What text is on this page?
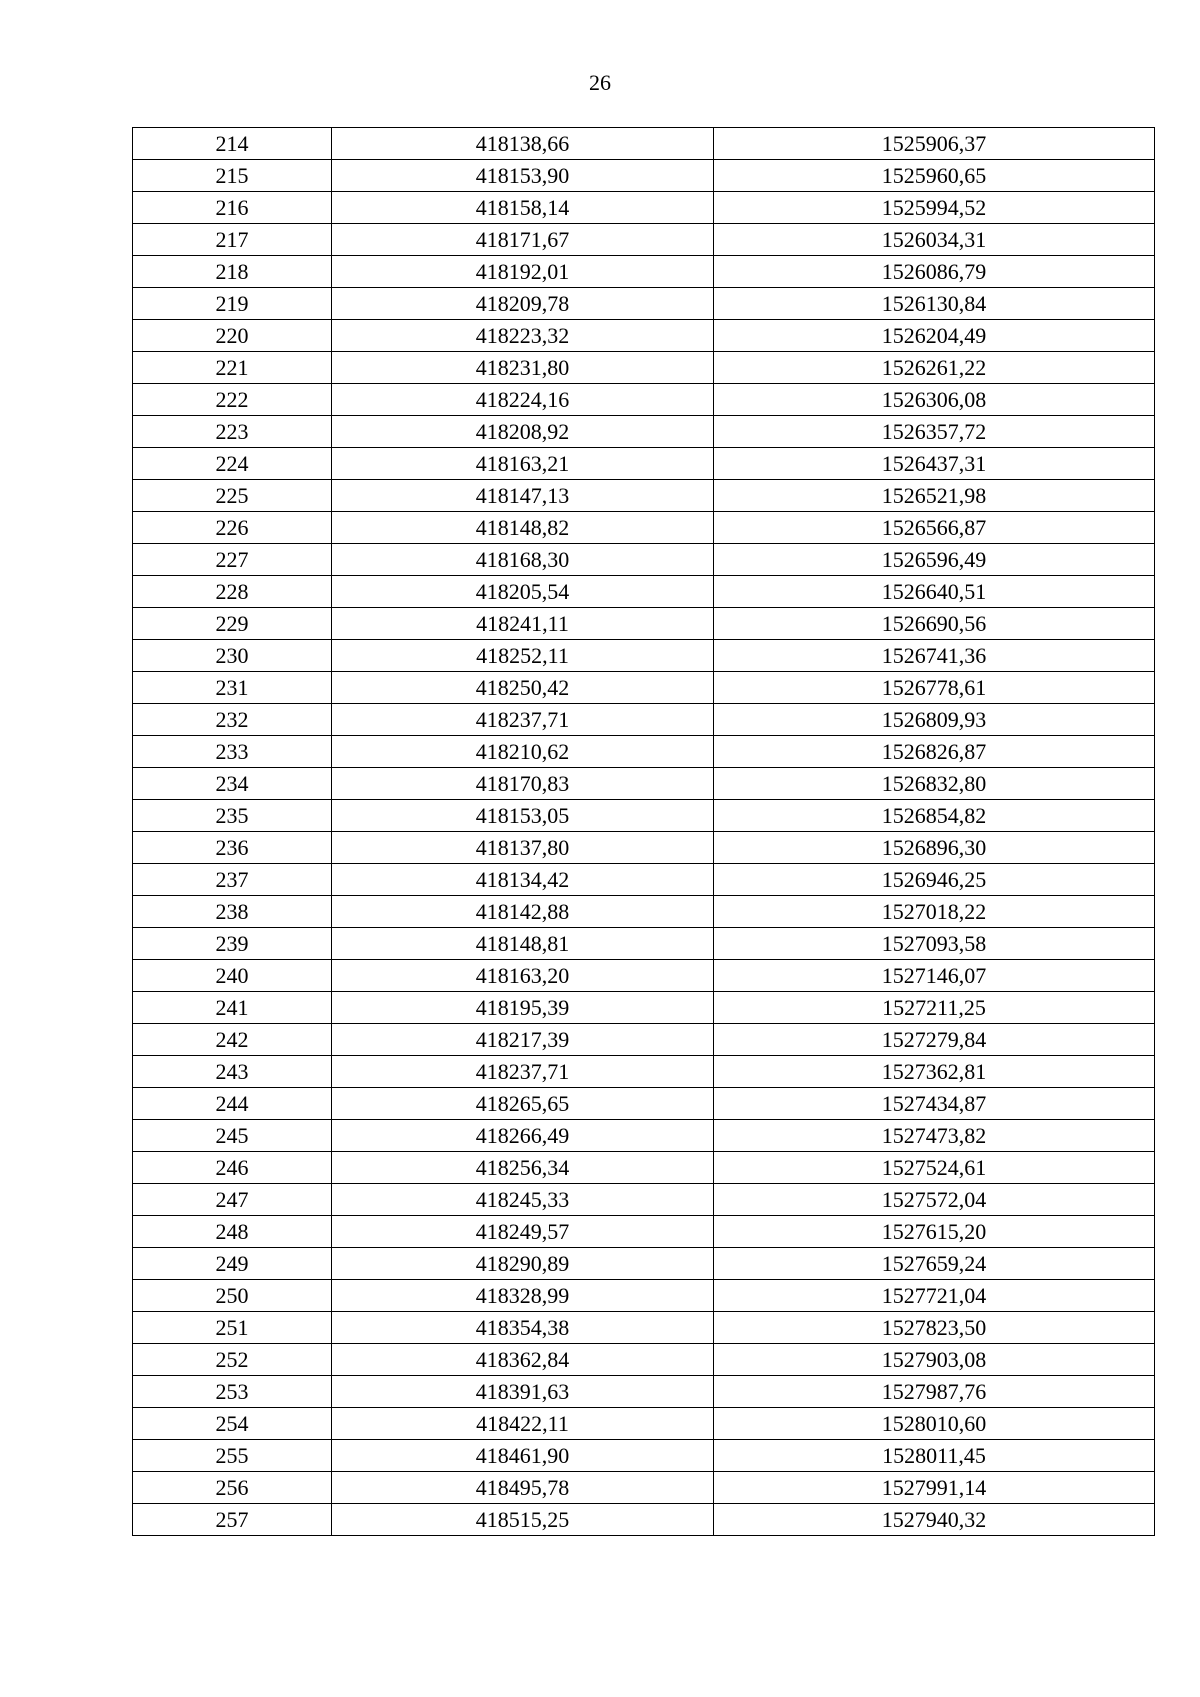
26
214	418138,66	1525906,37
215	418153,90	1525960,65
216	418158,14	1525994,52
217	418171,67	1526034,31
218	418192,01	1526086,79
219	418209,78	1526130,84
220	418223,32	1526204,49
221	418231,80	1526261,22
222	418224,16	1526306,08
223	418208,92	1526357,72
224	418163,21	1526437,31
225	418147,13	1526521,98
226	418148,82	1526566,87
227	418168,30	1526596,49
228	418205,54	1526640,51
229	418241,11	1526690,56
230	418252,11	1526741,36
231	418250,42	1526778,61
232	418237,71	1526809,93
233	418210,62	1526826,87
234	418170,83	1526832,80
235	418153,05	1526854,82
236	418137,80	1526896,30
237	418134,42	1526946,25
238	418142,88	1527018,22
239	418148,81	1527093,58
240	418163,20	1527146,07
241	418195,39	1527211,25
242	418217,39	1527279,84
243	418237,71	1527362,81
244	418265,65	1527434,87
245	418266,49	1527473,82
246	418256,34	1527524,61
247	418245,33	1527572,04
248	418249,57	1527615,20
249	418290,89	1527659,24
250	418328,99	1527721,04
251	418354,38	1527823,50
252	418362,84	1527903,08
253	418391,63	1527987,76
254	418422,11	1528010,60
255	418461,90	1528011,45
256	418495,78	1527991,14
257	418515,25	1527940,32
